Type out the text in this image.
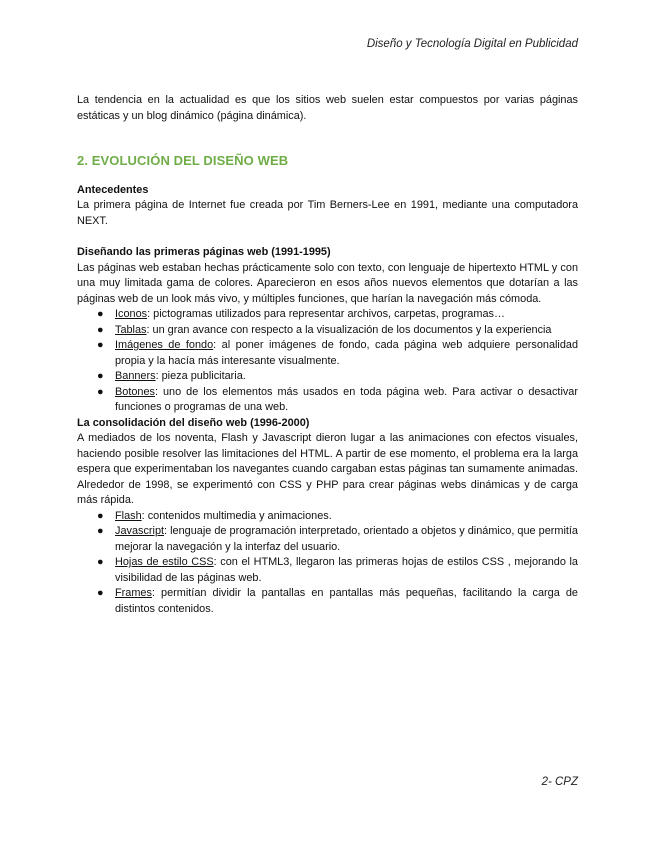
Diseño y Tecnología Digital en Publicidad

La tendencia en la actualidad es que los sitios web suelen estar compuestos por varias páginas estáticas y un blog dinámico (página dinámica).

2. EVOLUCIÓN DEL DISEÑO WEB

Antecedentes

La primera página de Internet fue creada por Tim Berners-Lee en 1991, mediante una computadora NEXT.

Diseñando las primeras páginas web (1991-1995)

Las páginas web estaban hechas prácticamente solo con texto, con lenguaje de hipertexto HTML y con una muy limitada gama de colores. Aparecieron en esos años nuevos elementos que dotarían a las páginas web de un look más vivo, y múltiples funciones, que harían la navegación más cómoda.

● Iconos: pictogramas utilizados para representar archivos, carpetas, programas…
● Tablas: un gran avance con respecto a la visualización de los documentos y la experiencia
● Imágenes de fondo: al poner imágenes de fondo, cada página web adquiere personalidad propia y la hacía más interesante visualmente.
● Banners: pieza publicitaria.
● Botones: uno de los elementos más usados en toda página web. Para activar o desactivar funciones o programas de una web.

La consolidación del diseño web (1996-2000)

A mediados de los noventa, Flash y Javascript dieron lugar a las animaciones con efectos visuales, haciendo posible resolver las limitaciones del HTML. A partir de ese momento, el problema era la larga espera que experimentaban los navegantes cuando cargaban estas páginas tan sumamente animadas. Alrededor de 1998, se experimentó con CSS y PHP para crear páginas webs dinámicas y de carga más rápida.

● Flash: contenidos multimedia y animaciones.
● Javascript: lenguaje de programación interpretado, orientado a objetos y dinámico, que permitía mejorar la navegación y la interfaz del usuario.
● Hojas de estilo CSS: con el HTML3, llegaron las primeras hojas de estilos CSS , mejorando la visibilidad de las páginas web.
● Frames: permitían dividir la pantallas en pantallas más pequeñas, facilitando la carga de distintos contenidos.
2- CPZ
